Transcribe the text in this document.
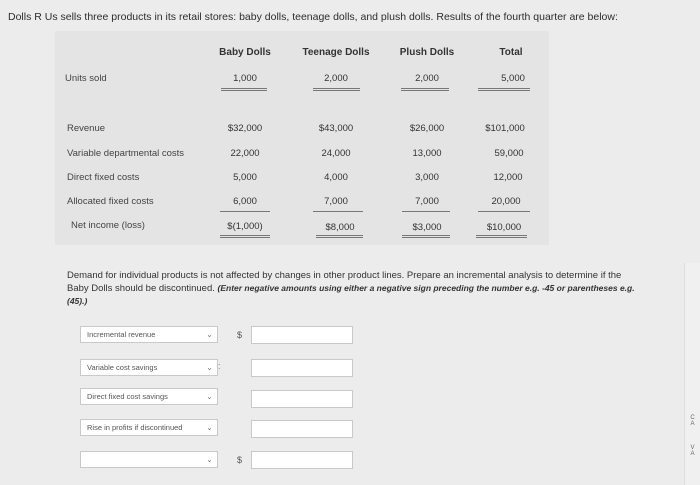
Dolls R Us sells three products in its retail stores: baby dolls, teenage dolls, and plush dolls. Results of the fourth quarter are below:
Baby Dolls	Teenage Dolls	Plush Dolls	Total
Units sold	1,000	2,000	2,000	5,000
Revenue	$32,000	$43,000	$26,000	$101,000
Variable departmental costs	22,000	24,000	13,000	59,000
Direct fixed costs	5,000	4,000	3,000	12,000
Allocated fixed costs	6,000	7,000	7,000	20,000
Net income (loss)	$(1,000)	$8,000	$3,000	$10,000
Demand for individual products is not affected by changes in other product lines. Prepare an incremental analysis to determine if the Baby Dolls should be discontinued. (Enter negative amounts using either a negative sign preceding the number e.g. -45 or parentheses e.g. (45).)
Incremental revenue	⌄	$
Variable cost savings	⌄ :
Direct fixed cost savings	⌄
Rise in profits if discontinued	⌄
⌄	$
C
A
V
A
